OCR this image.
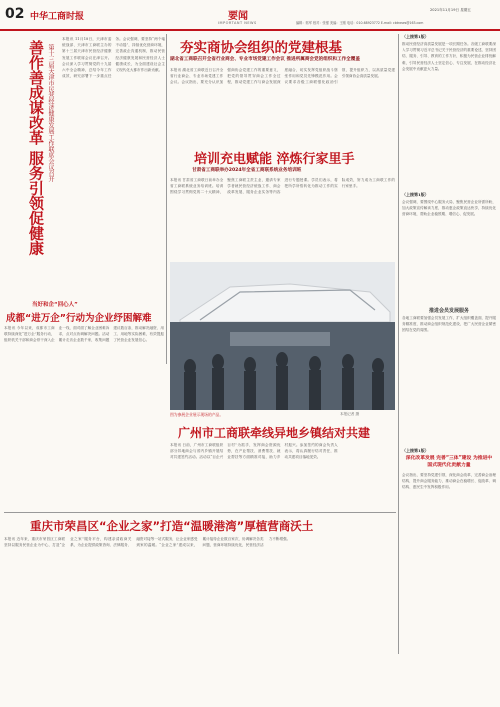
02 中华工商时报	要闻
IMPORTANT NEWS
2021年11月19日 星期五
编辑：郭军 校对：张强 美编：王刚 电话：010-68923772 E-mail: cbtnews@163.com
善作善成谋改革 服务引领促健康 第十三届天津市民营经济健康发展工作联席会议召开
本报讯 11月18日，天津市委统战部、天津市工商联主办的第十三届天津市民营经济健康发展工作联席会议在津召开。会议深入学习贯彻党的十九届六中全会精神，总结今年工作成效，研究部署下一步重点任务。会议强调，要坚持“两个毫不动摇”，持续优化营商环境，完善政企沟通机制，推动民营经济健康发展和民营经济人士健康成长，为全面建设社会主义现代化大都市作出新贡献。
夯实商协会组织的党建根基
湖北省工商联召开全省行业商会、专业市场党建工作会议 推进所属商会党的组织和工作全覆盖
本报讯 湖北省工商联近日召开全省行业商会、专业市场党建工作会议。会议指出，要充分认识加强商协会党建工作的重要意义，把党的领导贯穿商会工作全过程，推动党建工作与商会发展深度融合，切实发挥党组织战斗堡垒作用和党员先锋模范作用。会议要求各级工商联强化政治引领，提升组织力，以高质量党建引领商协会高质量发展。
培训充电赋能 淬炼行家里手
甘肃省工商联举办2024年全省工商联系统业务培训班
本报讯 甘肃省工商联日前举办全省工商联系统业务培训班。培训围绕学习贯彻党的二十大精神，聚焦工商联主责主业，邀请专家学者就民营经济统战工作、商会改革发展、服务企业实务等内容进行专题授课。学员们表示，将把所学所悟转化为推动工作的实际成效，努力成为工商联工作的行家里手。
（上接第1版）
推动民营经济高质量发展是一项长期任务。各级工商联要深入学习贯彻习近平总书记关于民营经济的重要论述，坚持团结、服务、引导、教育的工作方针，积极为民营企业排忧解难，引导民营经济人士坚定信心、专注发展，在推动经济社会发展中贡献更大力量。
（上接第1版）
会议强调，要围绕中心服务大局，聚焦民营企业所需所盼，加大政策宣传解读力度，推动惠企政策直达快享，持续优化营商环境，帮助企业稳预期、增信心、促发展。
推进会员发展服务
各地工商联要加强会员发展工作，扩大组织覆盖面，提升服务精准度，推动商会组织规范化建设，把广大民营企业紧密团结在党的周围。
（上接第1版）
深化改革发展 完善“三体”建设 为推进中国式现代化贡献力量
会议指出，要坚持党建引领，深化商会改革，完善商会治理结构，提升商会服务能力，推动商会在稳增长、促改革、调结构、惠民生中发挥积极作用。
当好和企“回心人”
成都“进万企”行动为企业纾困解难
本报讯 今年以来，成都市工商联持续深化“进万企”服务行动，组织机关干部和商会骨干深入企业一线，面对面了解企业困难诉求，点对点协调解决问题。活动累计走访企业数千家，收集问题建议数百条，推动解决融资、用工、用地等实际困难，有效提振了民营企业发展信心。
图为参展企业展示现场的产品。	本报记者 摄
广州市工商联牵线异地乡镇结对共建
本报讯 日前，广州市工商联组织部分异地商会与省内乡镇开展结对共建签约活动。活动以“百企兴百村”为抓手，发挥商会资源优势，在产业帮扶、消费帮扶、就业帮扶等方面精准对接，助力乡村振兴。参加签约的商会负责人表示，将认真履行结对责任，推动共建项目落地见效。
重庆市荣昌区“企业之家”打造“温暖港湾”厚植营商沃土
本报讯 近年来，重庆市荣昌区工商联坚持以服务民营企业为中心，打造“企业之家”服务平台，构建亲清政商关系，为企业提供政策咨询、法律服务、融资对接等一站式服务，让企业家感受到家的温暖。“企业之家”建成以来，累计接待企业数百家次，协调解决各类问题，营商环境持续优化，民营经济活力不断增强。
